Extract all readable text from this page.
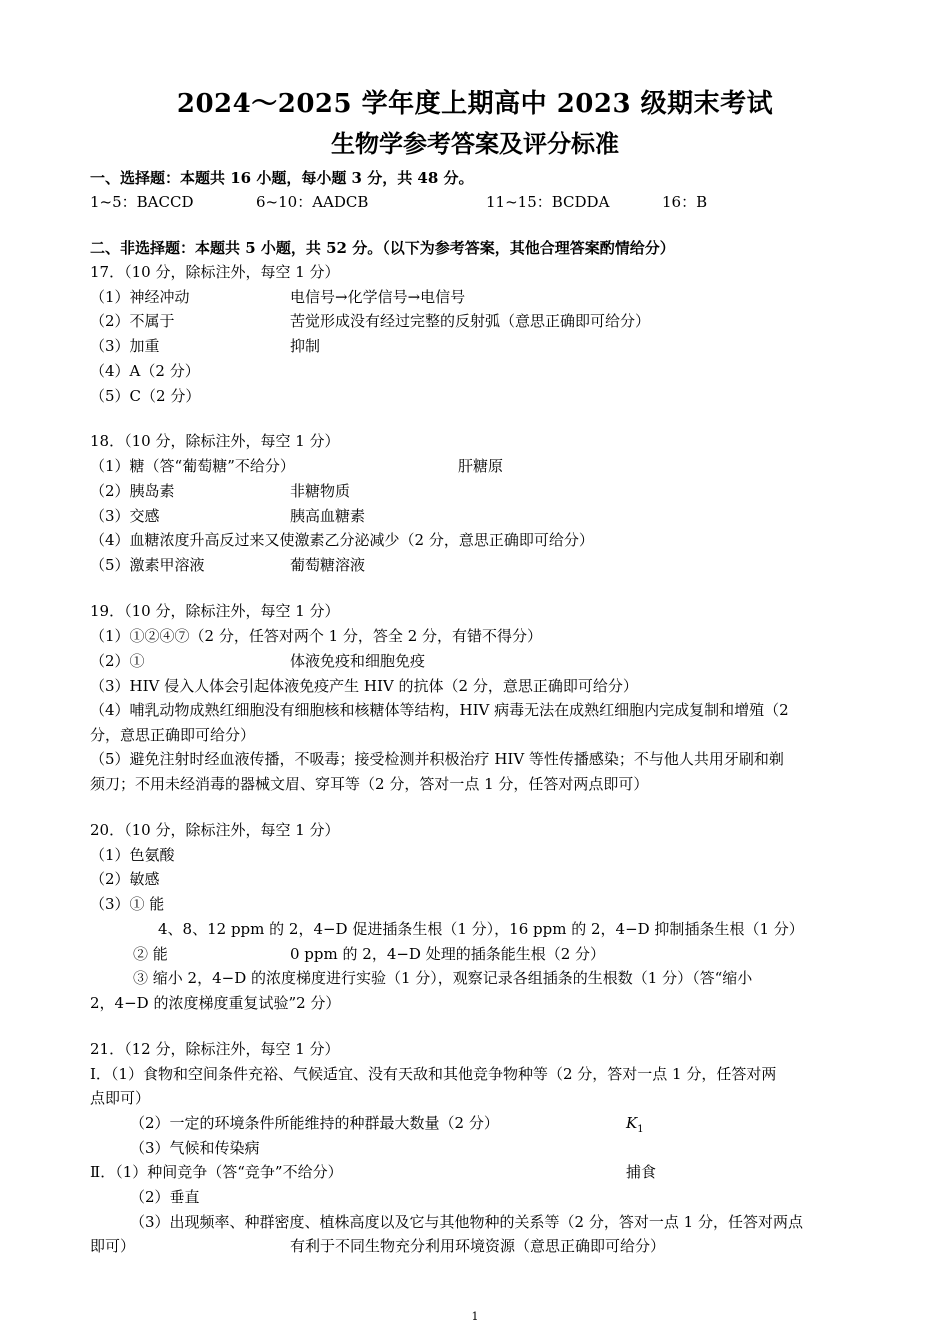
2024～2025 学年度上期高中 2023 级期末考试
生物学参考答案及评分标准
一、选择题：本题共 16 小题，每小题 3 分，共 48 分。
1~5：BACCD	6~10：AADCB	11~15：BCDDA	16：B
二、非选择题：本题共 5 小题，共 52 分。（以下为参考答案，其他合理答案酌情给分）
17．（10 分，除标注外，每空 1 分）
（1）神经冲动	电信号→化学信号→电信号
（2）不属于	苦觉形成没有经过完整的反射弧（意思正确即可给分）
（3）加重	抑制
（4）A（2 分）
（5）C（2 分）
18．（10 分，除标注外，每空 1 分）
（1）糖（答“葡萄糖”不给分）	肝糖原
（2）胰岛素	非糖物质
（3）交感	胰高血糖素
（4）血糖浓度升高反过来又使激素乙分泌减少（2 分，意思正确即可给分）
（5）激素甲溶液	葡萄糖溶液
19．（10 分，除标注外，每空 1 分）
（1）①②④⑦（2 分，任答对两个 1 分，答全 2 分，有错不得分）
（2）①	体液免疫和细胞免疫
（3）HIV 侵入人体会引起体液免疫产生 HIV 的抗体（2 分，意思正确即可给分）
（4）哺乳动物成熟红细胞没有细胞核和核糖体等结构，HIV 病毒无法在成熟红细胞内完成复制和增殖（2
分，意思正确即可给分）
（5）避免注射时经血液传播，不吸毒；接受检测并积极治疗 HIV 等性传播感染；不与他人共用牙刷和剃
须刀；不用未经消毒的器械文眉、穿耳等（2 分，答对一点 1 分，任答对两点即可）
20．（10 分，除标注外，每空 1 分）
（1）色氨酸
（2）敏感
（3）① 能
4、8、12 ppm 的 2，4−D 促进插条生根（1 分），16 ppm 的 2，4−D 抑制插条生根（1 分）
② 能	0 ppm 的 2，4−D 处理的插条能生根（2 分）
③ 缩小 2，4−D 的浓度梯度进行实验（1 分），观察记录各组插条的生根数（1 分）（答“缩小
2，4−D 的浓度梯度重复试验”2 分）
21．（12 分，除标注外，每空 1 分）
Ⅰ．（1）食物和空间条件充裕、气候适宜、没有天敌和其他竞争物种等（2 分，答对一点 1 分，任答对两
点即可）
（2）一定的环境条件所能维持的种群最大数量（2 分）	$K_1$
（3）气候和传染病
Ⅱ．（1）种间竞争（答“竞争”不给分）	捕食
（2）垂直
（3）出现频率、种群密度、植株高度以及它与其他物种的关系等（2 分，答对一点 1 分，任答对两点
即可）	有利于不同生物充分利用环境资源（意思正确即可给分）
1
